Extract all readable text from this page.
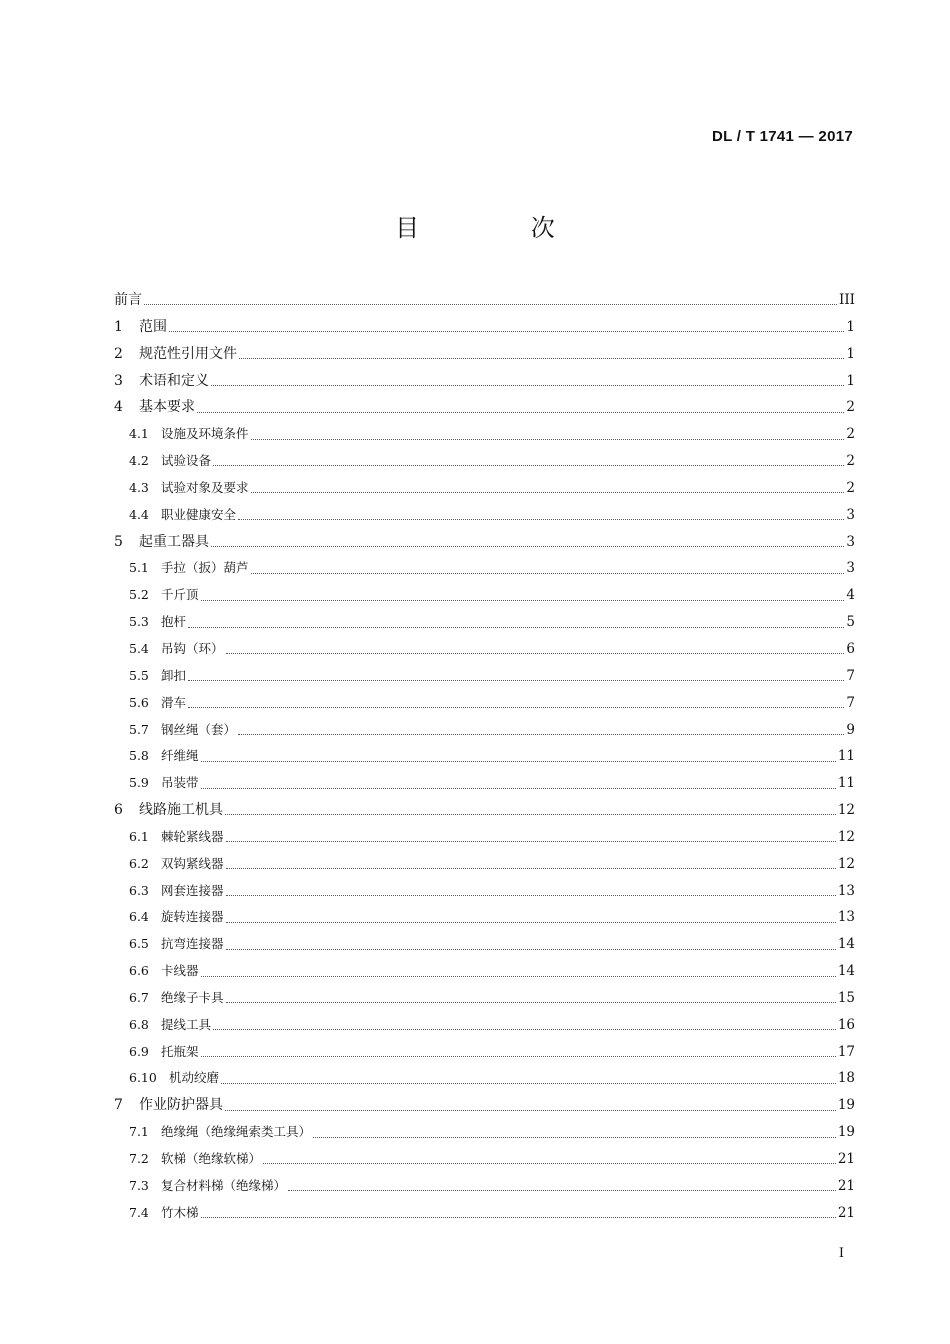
DL / T 1741 — 2017
目 次
前言	III
1	范围	1
2	规范性引用文件	1
3	术语和定义	1
4	基本要求	2
4.1 设施及环境条件	2
4.2 试验设备	2
4.3 试验对象及要求	2
4.4 职业健康安全	3
5	起重工器具	3
5.1 手拉（扳）葫芦	3
5.2 千斤顶	4
5.3 抱杆	5
5.4 吊钩（环）	6
5.5 卸扣	7
5.6 滑车	7
5.7 钢丝绳（套）	9
5.8 纤维绳	11
5.9 吊装带	11
6	线路施工机具	12
6.1 棘轮紧线器	12
6.2 双钩紧线器	12
6.3 网套连接器	13
6.4 旋转连接器	13
6.5 抗弯连接器	14
6.6 卡线器	14
6.7 绝缘子卡具	15
6.8 提线工具	16
6.9 托瓶架	17
6.10 机动绞磨	18
7	作业防护器具	19
7.1 绝缘绳（绝缘绳索类工具）	19
7.2 软梯（绝缘软梯）	21
7.3 复合材料梯（绝缘梯）	21
7.4 竹木梯	21
I
